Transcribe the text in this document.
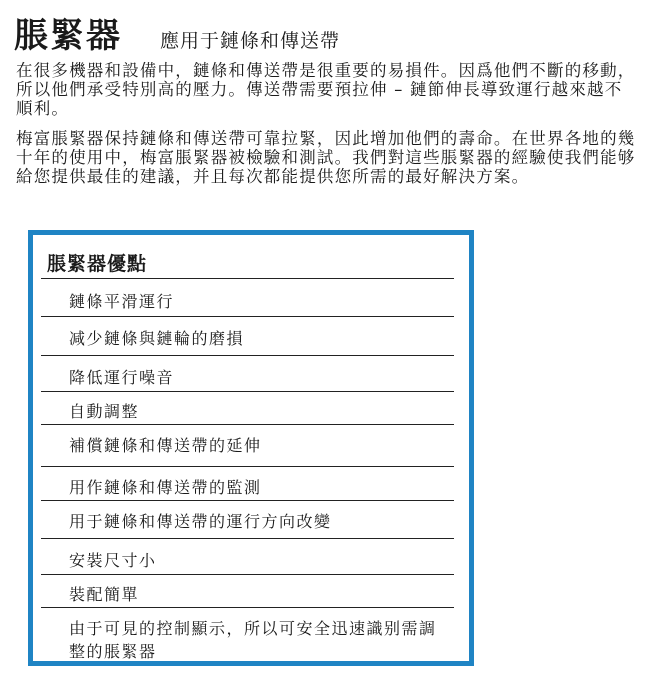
脹緊器 應用于鏈條和傳送帶

在很多機器和設備中，鏈條和傳送帶是很重要的易損件。因爲他們不斷的移動，所以他們承受特別高的壓力。傳送帶需要預拉伸 – 鏈節伸長導致運行越來越不順利。

梅富脹緊器保持鏈條和傳送帶可靠拉緊，因此增加他們的壽命。在世界各地的幾十年的使用中，梅富脹緊器被檢驗和測試。我們對這些脹緊器的經驗使我們能够給您提供最佳的建議，并且每次都能提供您所需的最好解決方案。

脹緊器優點

鏈條平滑運行

减少鏈條與鏈輪的磨損

降低運行噪音

自動調整

補償鏈條和傳送帶的延伸

用作鏈條和傳送帶的監測

用于鏈條和傳送帶的運行方向改變

安裝尺寸小

裝配簡單

由于可見的控制顯示，所以可安全迅速識别需調整的脹緊器
